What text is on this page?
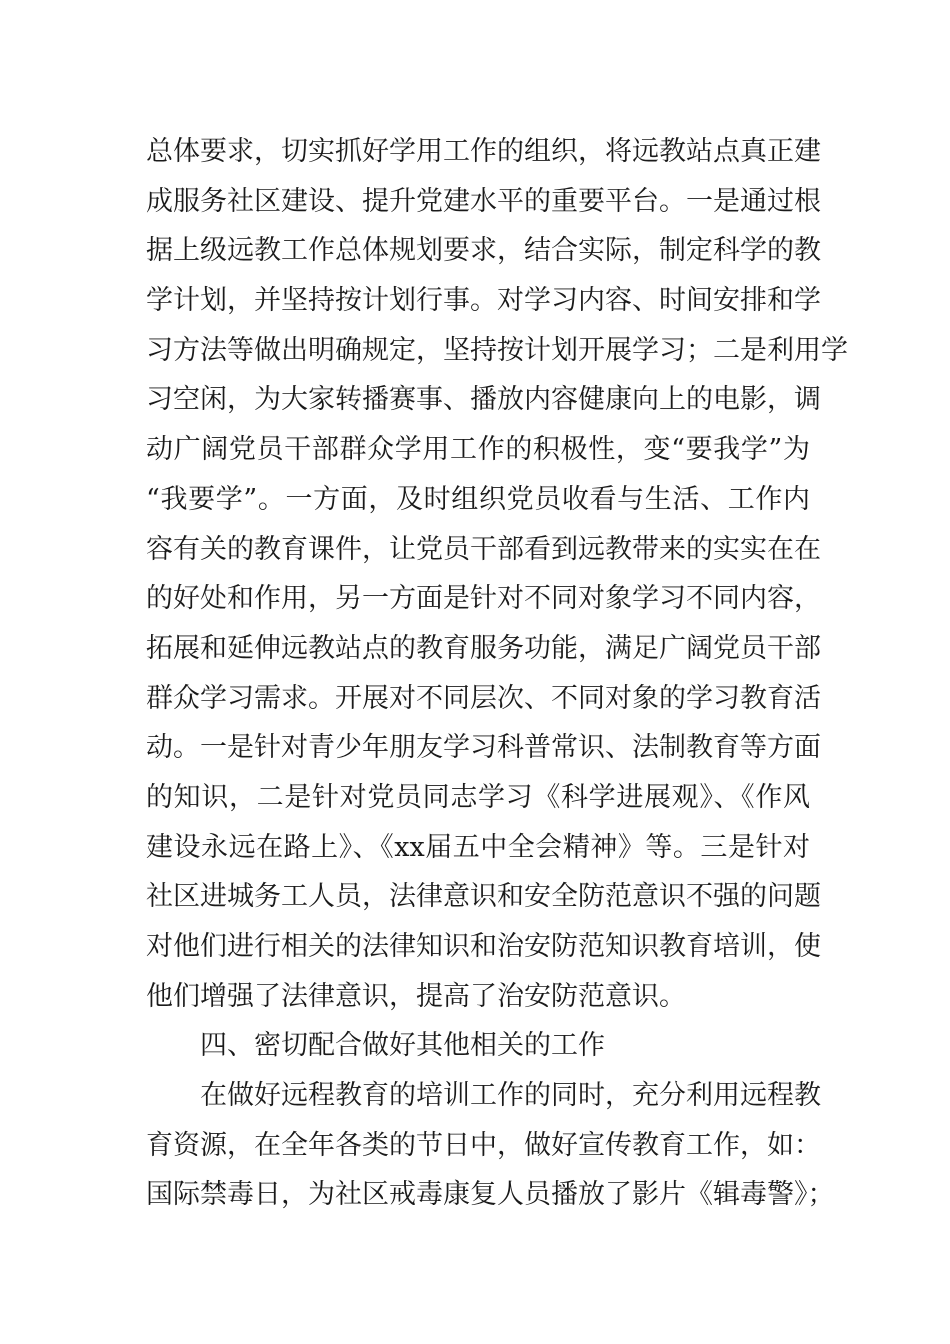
总体要求，切实抓好学用工作的组织，将远教站点真正建
成服务社区建设、提升党建水平的重要平台。一是通过根
据上级远教工作总体规划要求，结合实际，制定科学的教
学计划，并坚持按计划行事。对学习内容、时间安排和学
习方法等做出明确规定，坚持按计划开展学习；二是利用学
习空闲，为大家转播赛事、播放内容健康向上的电影，调
动广阔党员干部群众学用工作的积极性，变“要我学”为
“我要学”。一方面，及时组织党员收看与生活、工作内
容有关的教育课件，让党员干部看到远教带来的实实在在
的好处和作用，另一方面是针对不同对象学习不同内容，
拓展和延伸远教站点的教育服务功能，满足广阔党员干部
群众学习需求。开展对不同层次、不同对象的学习教育活
动。一是针对青少年朋友学习科普常识、法制教育等方面
的知识，二是针对党员同志学习《科学进展观》、《作风
建设永远在路上》、《xx届五中全会精神》等。三是针对
社区进城务工人员，法律意识和安全防范意识不强的问题
对他们进行相关的法律知识和治安防范知识教育培训，使
他们增强了法律意识，提高了治安防范意识。
四、密切配合做好其他相关的工作
在做好远程教育的培训工作的同时，充分利用远程教
育资源，在全年各类的节日中，做好宣传教育工作，如：
国际禁毒日，为社区戒毒康复人员播放了影片《辑毒警》；
